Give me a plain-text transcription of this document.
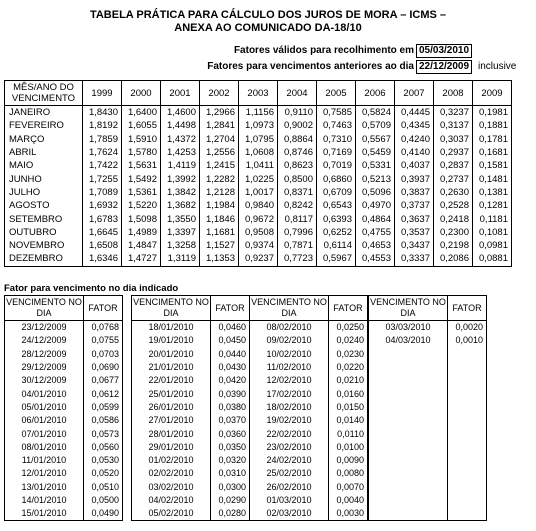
TABELA PRÁTICA PARA CÁLCULO DOS JUROS DE MORA – ICMS –
ANEXA AO COMUNICADO DA-18/10
Fatores válidos para recolhimento em 05/03/2010
Fatores para vencimentos anteriores ao dia 22/12/2009 inclusive
MÊS/ANO DO VENCIMENTO	1999	2000	2001	2002	2003	2004	2005	2006	2007	2008	2009
JANEIRO	1,8430	1,6400	1,4600	1,2966	1,1156	0,9110	0,7585	0,5824	0,4445	0,3237	0,1981
FEVEREIRO	1,8192	1,6055	1,4498	1,2841	1,0973	0,9002	0,7463	0,5709	0,4345	0,3137	0,1881
MARÇO	1,7859	1,5910	1,4372	1,2704	1,0795	0,8864	0,7310	0,5567	0,4240	0,3037	0,1781
ABRIL	1,7624	1,5780	1,4253	1,2556	1,0608	0,8746	0,7169	0,5459	0,4140	0,2937	0,1681
MAIO	1,7422	1,5631	1,4119	1,2415	1,0411	0,8623	0,7019	0,5331	0,4037	0,2837	0,1581
JUNHO	1,7255	1,5492	1,3992	1,2282	1,0225	0,8500	0,6860	0,5213	0,3937	0,2737	0,1481
JULHO	1,7089	1,5361	1,3842	1,2128	1,0017	0,8371	0,6709	0,5096	0,3837	0,2630	0,1381
AGOSTO	1,6932	1,5220	1,3682	1,1984	0,9840	0,8242	0,6543	0,4970	0,3737	0,2528	0,1281
SETEMBRO	1,6783	1,5098	1,3550	1,1846	0,9672	0,8117	0,6393	0,4864	0,3637	0,2418	0,1181
OUTUBRO	1,6645	1,4989	1,3397	1,1681	0,9508	0,7996	0,6252	0,4755	0,3537	0,2300	0,1081
NOVEMBRO	1,6508	1,4847	1,3258	1,1527	0,9374	0,7871	0,6114	0,4653	0,3437	0,2198	0,0981
DEZEMBRO	1,6346	1,4727	1,3119	1,1353	0,9237	0,7723	0,5967	0,4553	0,3337	0,2086	0,0881
Fator para vencimento no dia indicado
VENCIMENTO NO DIA	FATOR
23/12/2009	0,0768
24/12/2009	0,0755
28/12/2009	0,0703
29/12/2009	0,0690
30/12/2009	0,0677
04/01/2010	0,0612
05/01/2010	0,0599
06/01/2010	0,0586
07/01/2010	0,0573
08/01/2010	0,0560
11/01/2010	0,0530
12/01/2010	0,0520
13/01/2010	0,0510
14/01/2010	0,0500
15/01/2010	0,0490
VENCIMENTO NO DIA	FATOR
18/01/2010	0,0460
19/01/2010	0,0450
20/01/2010	0,0440
21/01/2010	0,0430
22/01/2010	0,0420
25/01/2010	0,0390
26/01/2010	0,0380
27/01/2010	0,0370
28/01/2010	0,0360
29/01/2010	0,0350
01/02/2010	0,0320
02/02/2010	0,0310
03/02/2010	0,0300
04/02/2010	0,0290
05/02/2010	0,0280
VENCIMENTO NO DIA	FATOR
08/02/2010	0,0250
09/02/2010	0,0240
10/02/2010	0,0230
11/02/2010	0,0220
12/02/2010	0,0210
17/02/2010	0,0160
18/02/2010	0,0150
19/02/2010	0,0140
22/02/2010	0,0110
23/02/2010	0,0100
24/02/2010	0,0090
25/02/2010	0,0080
26/02/2010	0,0070
01/03/2010	0,0040
02/03/2010	0,0030
VENCIMENTO NO DIA	FATOR
03/03/2010	0,0020
04/03/2010	0,0010
